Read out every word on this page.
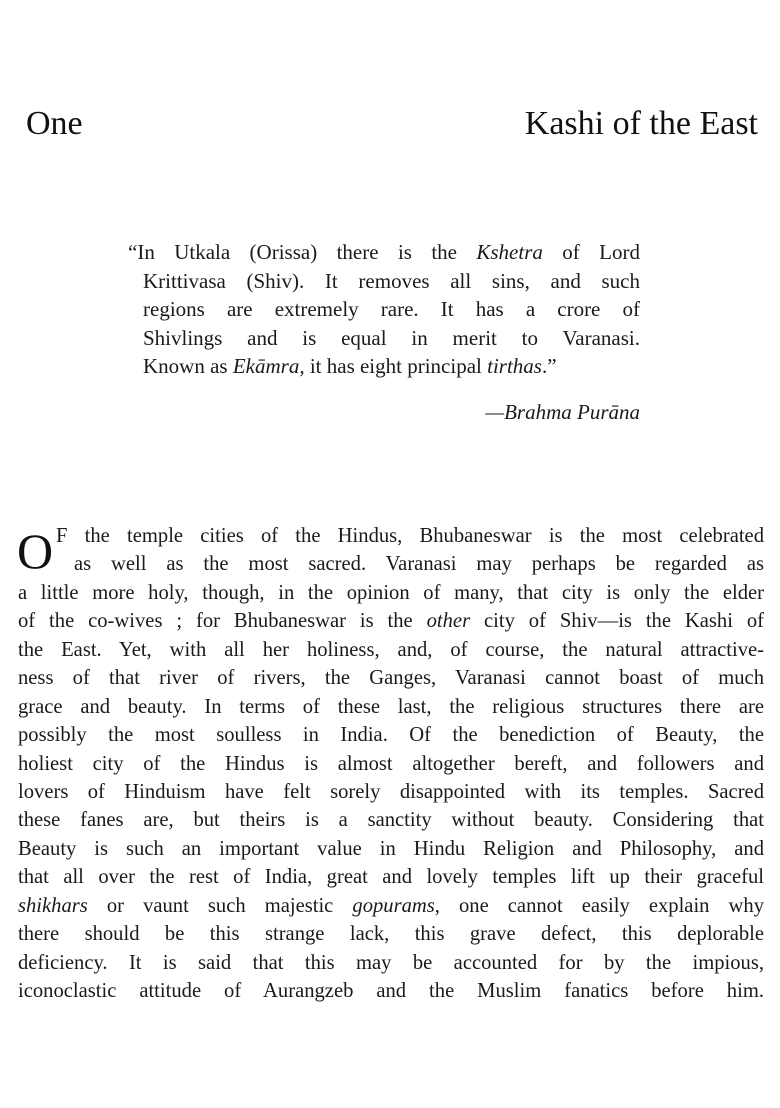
One	Kashi of the East
“In Utkala (Orissa) there is the Kshetra of Lord
Krittivasa (Shiv). It removes all sins, and such
regions are extremely rare. It has a crore of
Shivlings and is equal in merit to Varanasi.
Known as Ekāmra, it has eight principal tirthas.”
—Brahma Purāna
O F the temple cities of the Hindus, Bhubaneswar is the most celebrated
as well as the most sacred. Varanasi may perhaps be regarded as
a little more holy, though, in the opinion of many, that city is only the elder
of the co-wives ; for Bhubaneswar is the other city of Shiv—is the Kashi of
the East. Yet, with all her holiness, and, of course, the natural attractive-
ness of that river of rivers, the Ganges, Varanasi cannot boast of much
grace and beauty. In terms of these last, the religious structures there are
possibly the most soulless in India. Of the benediction of Beauty, the
holiest city of the Hindus is almost altogether bereft, and followers and
lovers of Hinduism have felt sorely disappointed with its temples. Sacred
these fanes are, but theirs is a sanctity without beauty. Considering that
Beauty is such an important value in Hindu Religion and Philosophy, and
that all over the rest of India, great and lovely temples lift up their graceful
shikhars or vaunt such majestic gopurams, one cannot easily explain why
there should be this strange lack, this grave defect, this deplorable
deficiency. It is said that this may be accounted for by the impious,
iconoclastic attitude of Aurangzeb and the Muslim fanatics before him.
